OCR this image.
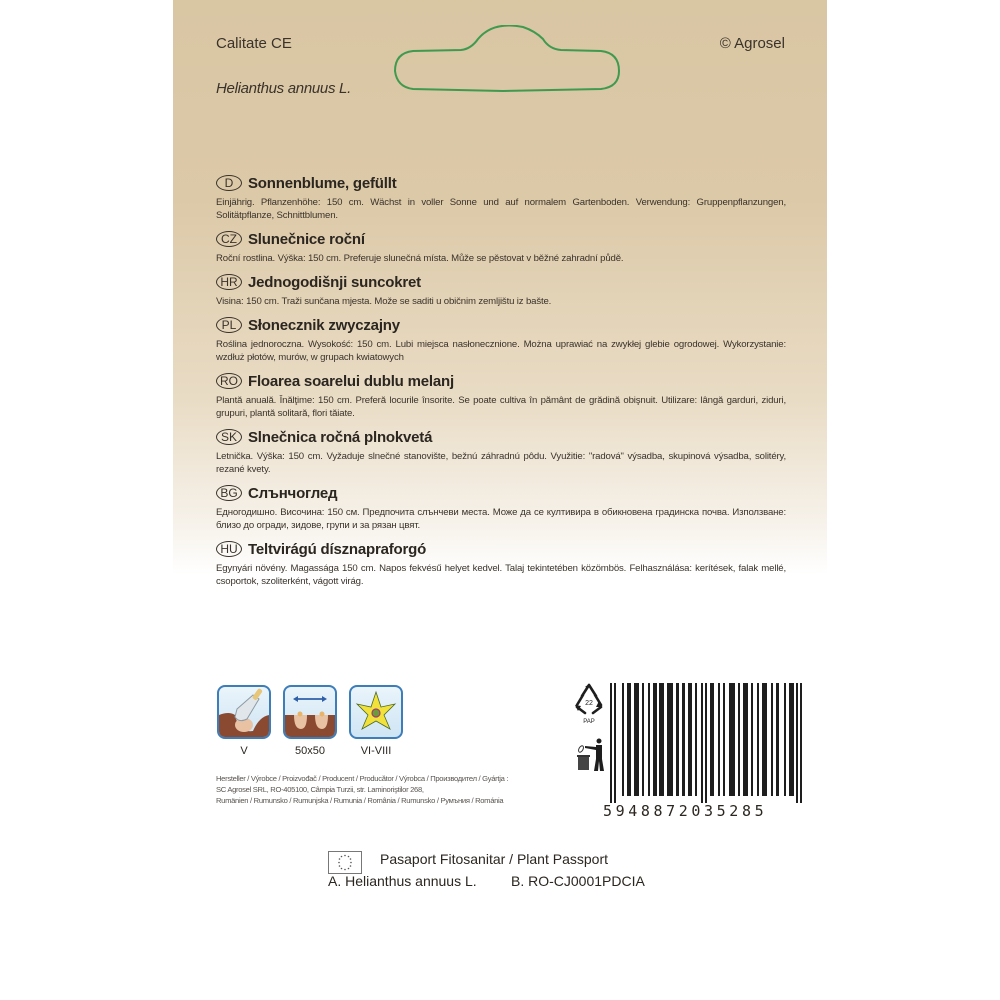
Calitate CE	© Agrosel
Helianthus annuus L.
D Sonnenblume, gefüllt
Einjährig. Pflanzenhöhe: 150 cm. Wächst in voller Sonne und auf normalem Gartenboden. Verwendung: Gruppenpflanzungen, Solitätpflanze, Schnittblumen.
CZ Slunečnice roční
Roční rostlina. Výška: 150 cm. Preferuje slunečná místa. Může se pěstovat v běžné zahradní půdě.
HR Jednogodišnji suncokret
Visina: 150 cm. Traži sunčana mjesta. Može se saditi u običnim zemljištu iz bašte.
PL Słonecznik zwyczajny
Roślina jednoroczna. Wysokość: 150 cm. Lubi miejsca nasłonecznione. Można uprawiać na zwykłej glebie ogrodowej. Wykorzystanie: wzdłuż płotów, murów, w grupach kwiatowych
RO Floarea soarelui dublu melanj
Plantă anuală. Înălţime: 150 cm. Preferă locurile însorite. Se poate cultiva în pământ de grădină obişnuit. Utilizare: lângă garduri, ziduri, grupuri, plantă solitară, flori tăiate.
SK Slnečnica ročná plnokvetá
Letnička. Výška: 150 cm. Vyžaduje slnečné stanovište, bežnú záhradnú pôdu. Využitie: "radová" výsadba, skupinová výsadba, solitéry, rezané kvety.
BG Слънчоглед
Едногодишно. Височина: 150 см. Предпочита слънчеви места. Може да се култивира в обикновена градинска почва. Използване: близо до огради, зидове, групи и за рязан цвят.
HU Teltvirágú dísznapraforgó
Egynyári növény. Magassága 150 cm. Napos fekvésű helyet kedvel. Talaj tekintetében közömbös. Felhasználása: kerítések, falak mellé, csoportok, szoliterként, vágott virág.
V	50x50	VI-VIII
Hersteller / Výrobce / Proizvođač / Producent / Producător / Výrobca / Производител / Gyártja :
SC Agrosel SRL, RO-405100, Câmpia Turzii, str. Laminoriştilor 268,
Rumänien / Rumunsko / Rumunjska / Rumunia / România / Rumunsko / Румъния / Románia
22
PAP
5948872035285
Pasaport Fitosanitar / Plant Passport
A. Helianthus annuus L. B. RO-CJ0001PDCIA
